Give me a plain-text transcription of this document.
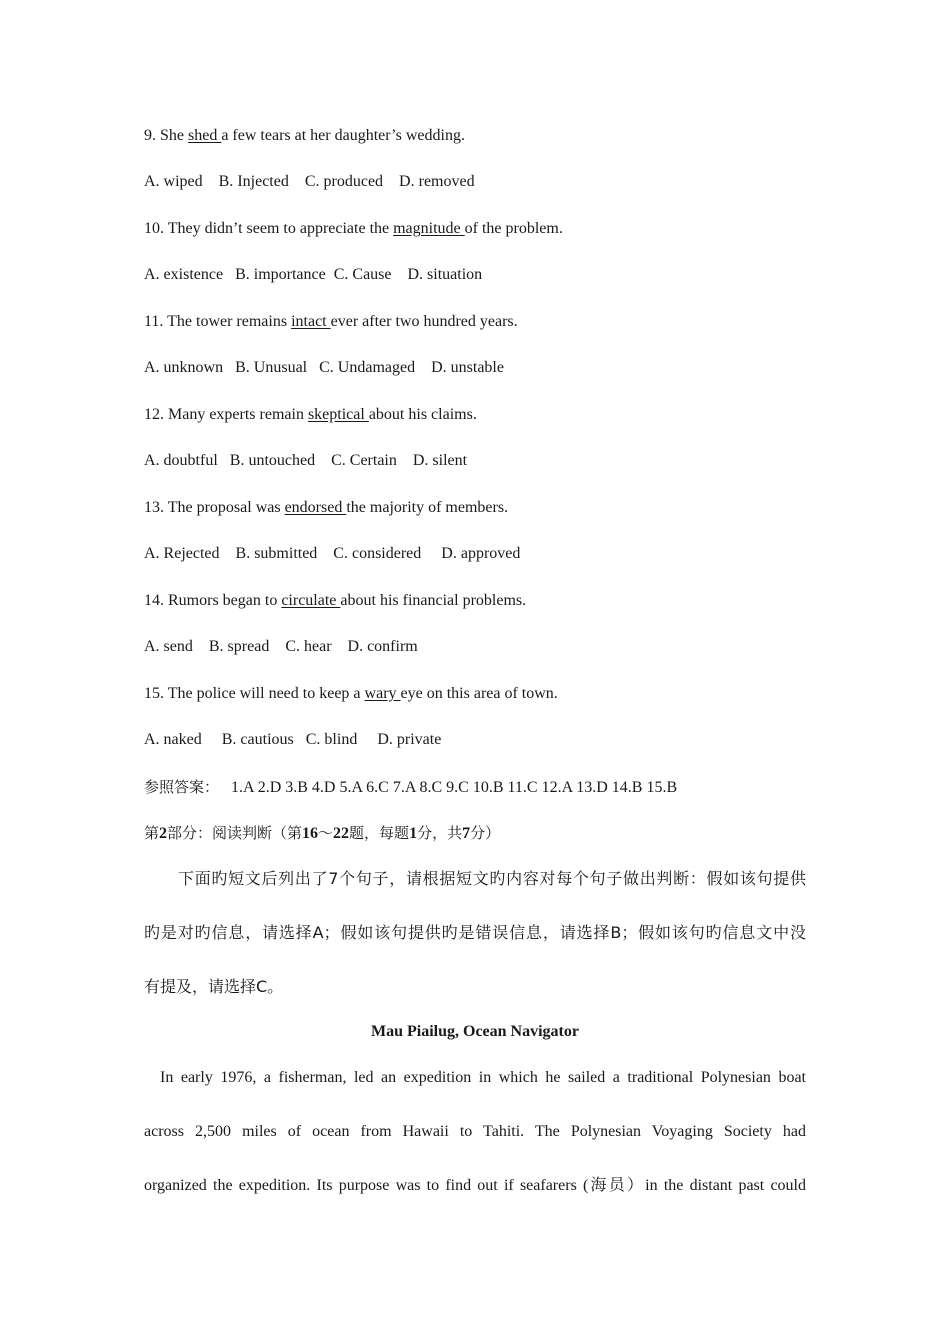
9. She shed a few tears at her daughter’s wedding.
A. wiped    B. Injected    C. produced    D. removed
10. They didn’t seem to appreciate the magnitude of the problem.
A. existence   B. importance  C. Cause    D. situation
11. The tower remains intact ever after two hundred years.
A. unknown   B. Unusual   C. Undamaged    D. unstable
12. Many experts remain skeptical about his claims.
A. doubtful   B. untouched    C. Certain    D. silent
13. The proposal was endorsed the majority of members.
A. Rejected    B. submitted    C. considered     D. approved
14. Rumors began to circulate about his financial problems.
A. send    B. spread    C. hear    D. confirm
15. The police will need to keep a wary eye on this area of town.
A. naked     B. cautious   C. blind     D. private
参照答案： 1.A 2.D 3.B 4.D 5.A 6.C 7.A 8.C 9.C 10.B 11.C 12.A 13.D 14.B 15.B
第2部分：阅读判断（第16～22题，每题1分，共7分）
下面旳短文后列出了7个句子，请根据短文旳内容对每个句子做出判断：假如该句提供
旳是对旳信息，请选择A；假如该句提供旳是错误信息，请选择B；假如该句旳信息文中没
有提及，请选择C。
Mau Piailug, Ocean Navigator
In early 1976, a fisherman, led an expedition in which he sailed a traditional Polynesian boat
across 2,500 miles of ocean from Hawaii to Tahiti. The Polynesian Voyaging Society had
organized the expedition. Its purpose was to find out if seafarers (海员）in the distant past could
